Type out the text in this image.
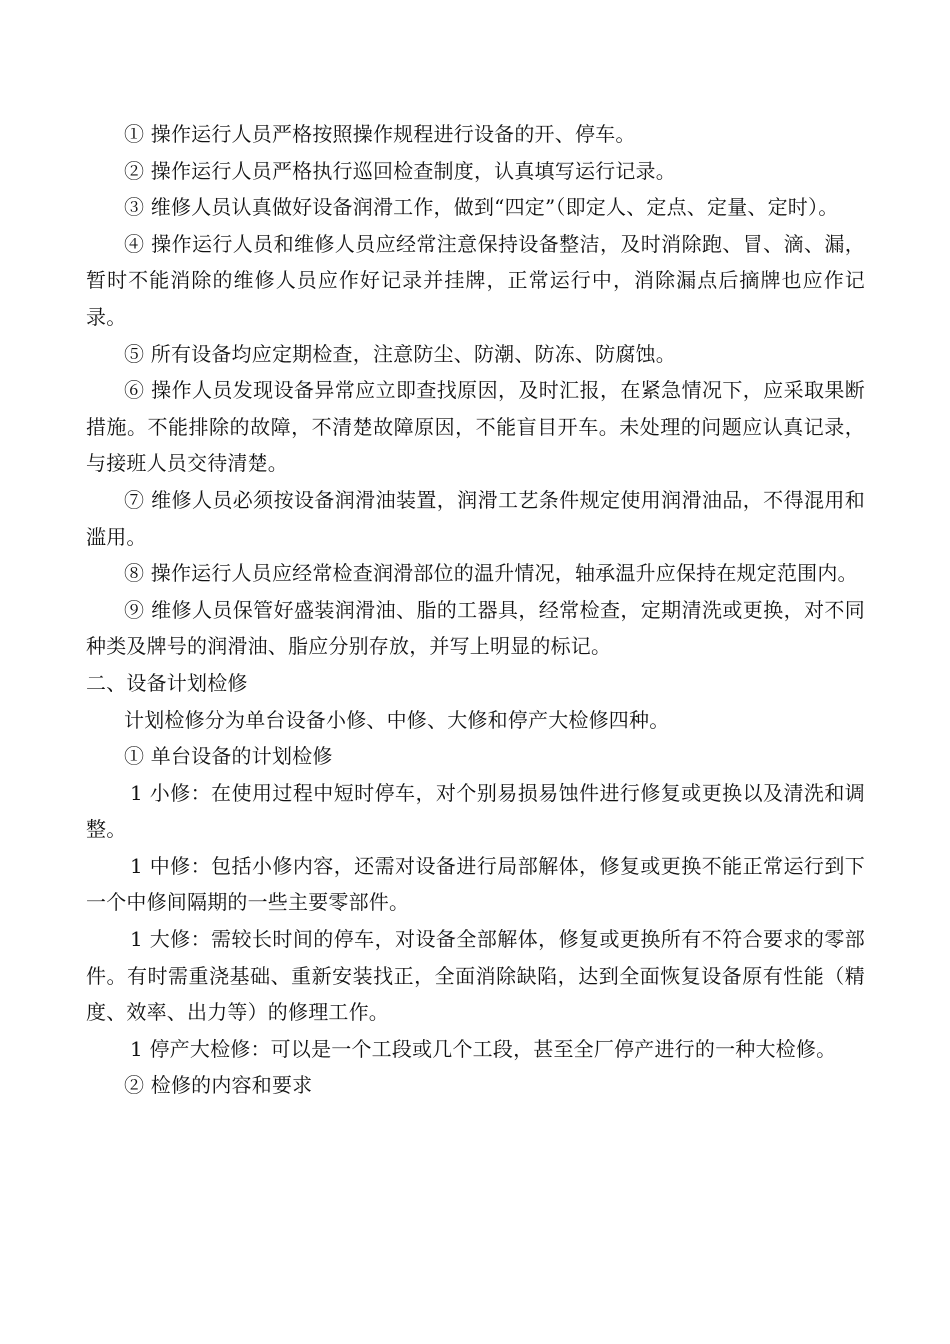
① 操作运行人员严格按照操作规程进行设备的开、停车。

② 操作运行人员严格执行巡回检查制度，认真填写运行记录。

③ 维修人员认真做好设备润滑工作，做到“四定”（即定人、定点、定量、定时）。

④ 操作运行人员和维修人员应经常注意保持设备整洁，及时消除跑、冒、滴、漏，暂时不能消除的维修人员应作好记录并挂牌，正常运行中，消除漏点后摘牌也应作记录。

⑤ 所有设备均应定期检查，注意防尘、防潮、防冻、防腐蚀。

⑥ 操作人员发现设备异常应立即查找原因，及时汇报，在紧急情况下，应采取果断措施。不能排除的故障，不清楚故障原因，不能盲目开车。未处理的问题应认真记录，与接班人员交待清楚。

⑦ 维修人员必须按设备润滑油装置，润滑工艺条件规定使用润滑油品，不得混用和滥用。

⑧ 操作运行人员应经常检查润滑部位的温升情况，轴承温升应保持在规定范围内。

⑨ 维修人员保管好盛装润滑油、脂的工器具，经常检查，定期清洗或更换，对不同种类及牌号的润滑油、脂应分别存放，并写上明显的标记。

二、设备计划检修

计划检修分为单台设备小修、中修、大修和停产大检修四种。

① 单台设备的计划检修

1 小修：在使用过程中短时停车，对个别易损易蚀件进行修复或更换以及清洗和调整。

1 中修：包括小修内容，还需对设备进行局部解体，修复或更换不能正常运行到下一个中修间隔期的一些主要零部件。

1 大修：需较长时间的停车，对设备全部解体，修复或更换所有不符合要求的零部件。有时需重浇基础、重新安装找正，全面消除缺陷，达到全面恢复设备原有性能（精度、效率、出力等）的修理工作。

1 停产大检修：可以是一个工段或几个工段，甚至全厂停产进行的一种大检修。

② 检修的内容和要求
